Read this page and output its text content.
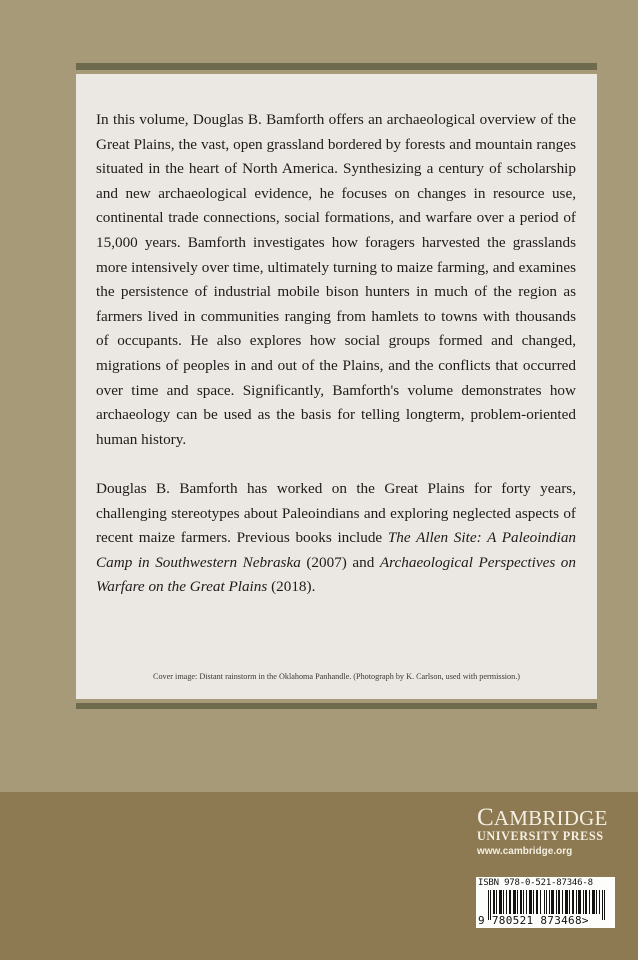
In this volume, Douglas B. Bamforth offers an archaeological overview of the Great Plains, the vast, open grassland bordered by forests and mountain ranges situated in the heart of North America. Synthesizing a century of scholarship and new archaeological evidence, he focuses on changes in resource use, continental trade connections, social formations, and warfare over a period of 15,000 years. Bamforth investigates how foragers harvested the grasslands more intensively over time, ultimately turning to maize farming, and examines the persistence of industrial mobile bison hunters in much of the region as farmers lived in communities ranging from hamlets to towns with thousands of occupants. He also explores how social groups formed and changed, migrations of peoples in and out of the Plains, and the conflicts that occurred over time and space. Significantly, Bamforth's volume demonstrates how archaeology can be used as the basis for telling longterm, problem-oriented human history.

Douglas B. Bamforth has worked on the Great Plains for forty years, challenging stereotypes about Paleoindians and exploring neglected aspects of recent maize farmers. Previous books include The Allen Site: A Paleoindian Camp in Southwestern Nebraska (2007) and Archaeological Perspectives on Warfare on the Great Plains (2018).

Cover image: Distant rainstorm in the Oklahoma Panhandle. (Photograph by K. Carlson, used with permission.)
CAMBRIDGE
UNIVERSITY PRESS
www.cambridge.org
ISBN 978-0-521-87346-8
9 780521 873468>
